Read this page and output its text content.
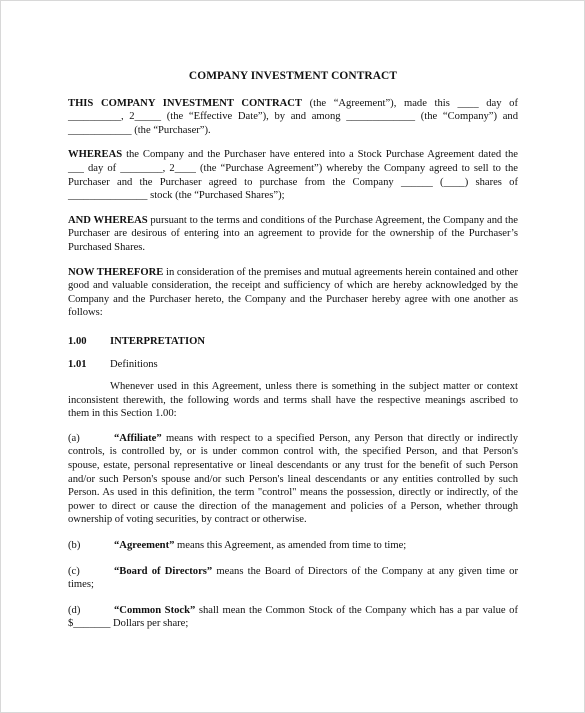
COMPANY INVESTMENT CONTRACT

THIS COMPANY INVESTMENT CONTRACT (the “Agreement”), made this ____ day of __________, 2_____ (the “Effective Date”), by and among _____________ (the “Company”) and ____________ (the “Purchaser”).

WHEREAS the Company and the Purchaser have entered into a Stock Purchase Agreement dated the ___ day of ________, 2____ (the “Purchase Agreement”) whereby the Company agreed to sell to the Purchaser and the Purchaser agreed to purchase from the Company ______ (____) shares of _______________ stock (the “Purchased Shares”);

AND WHEREAS pursuant to the terms and conditions of the Purchase Agreement, the Company and the Purchaser are desirous of entering into an agreement to provide for the ownership of the Purchaser’s Purchased Shares.

NOW THEREFORE in consideration of the premises and mutual agreements herein contained and other good and valuable consideration, the receipt and sufficiency of which are hereby acknowledged by the Company and the Purchaser hereto, the Company and the Purchaser hereby agree with one another as follows:

1.00	INTERPRETATION
1.01	Definitions

Whenever used in this Agreement, unless there is something in the subject matter or context inconsistent therewith, the following words and terms shall have the respective meanings ascribed to them in this Section 1.00:

(a)	“Affiliate” means with respect to a specified Person, any Person that directly or indirectly controls, is controlled by, or is under common control with, the specified Person, and that Person's spouse, estate, personal representative or lineal descendants or any trust for the benefit of such Person and/or such Person's spouse and/or such Person's lineal descendants or any entities controlled by such Person. As used in this definition, the term "control" means the possession, directly or indirectly, of the power to direct or cause the direction of the management and policies of a Person, whether through ownership of voting securities, by contract or otherwise.
(b)	“Agreement” means this Agreement, as amended from time to time;
(c)	“Board of Directors” means the Board of Directors of the Company at any given time or times;
(d)	“Common Stock” shall mean the Common Stock of the Company which has a par value of $_______ Dollars per share;
